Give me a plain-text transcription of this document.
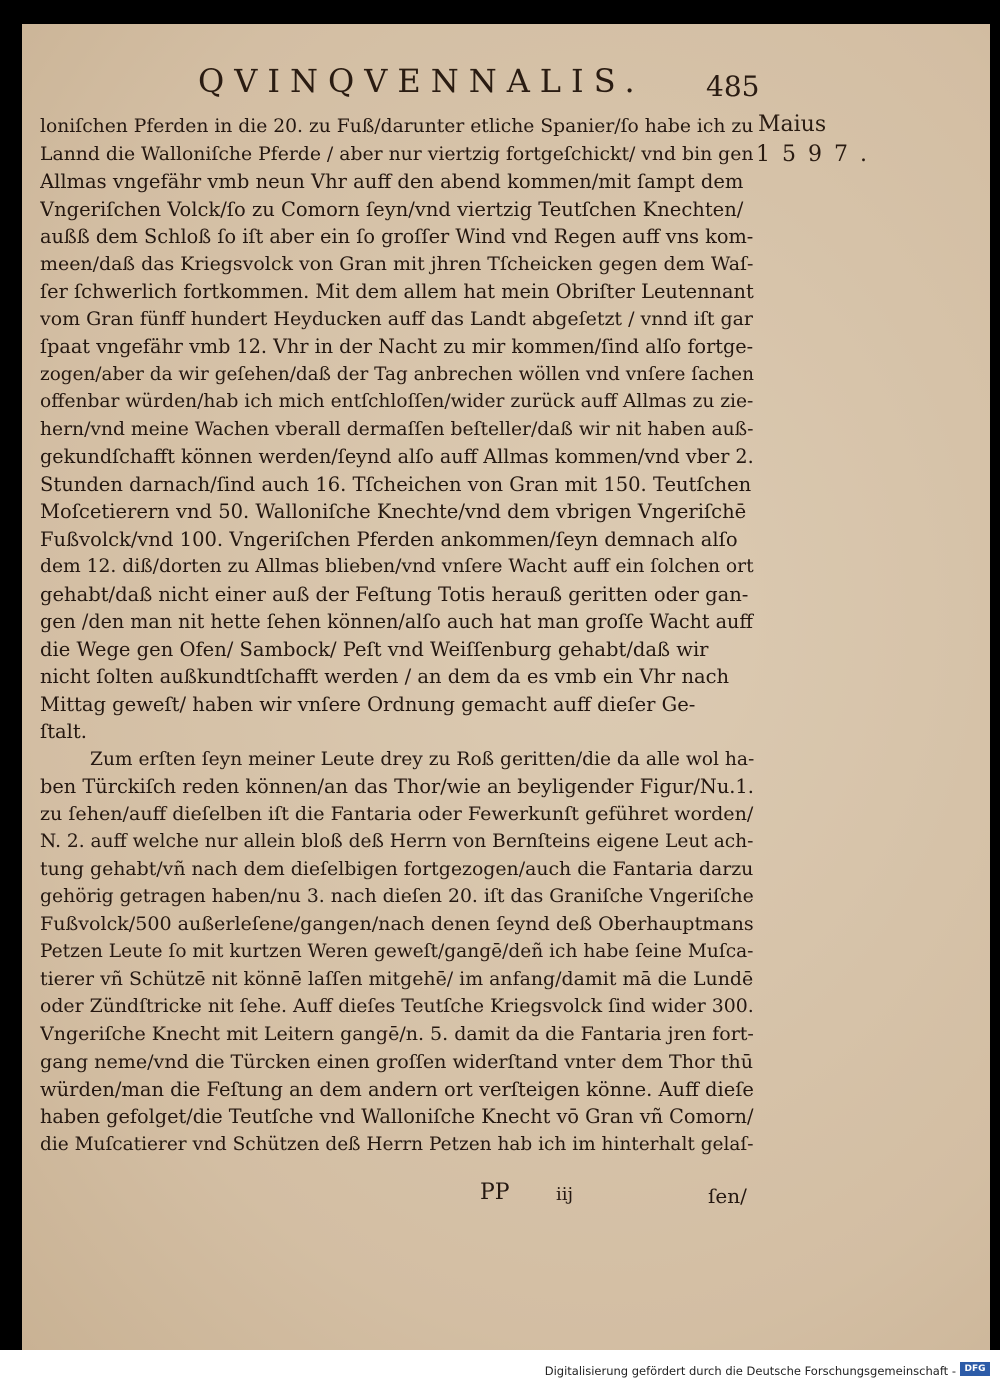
QVINQVENNALIS.	485
Maius
1597.
loniſchen Pferden in die 20. zu Fuß/darunter etliche Spanier/ſo habe ich zu
Lannd die Walloniſche Pferde / aber nur viertzig fortgeſchickt/ vnd bin gen
Allmas vngefähr vmb neun Vhr auff den abend kommen/mit ſampt dem
Vngeriſchen Volck/ſo zu Comorn ſeyn/vnd viertzig Teutſchen Knechten/
außß dem Schloß ſo iſt aber ein ſo groſſer Wind vnd Regen auff vns kom-
meen/daß das Kriegsvolck von Gran mit jhren Tſcheicken gegen dem Waſ-
ſer ſchwerlich fortkommen. Mit dem allem hat mein Obriſter Leutennant
vom Gran fünff hundert Heyducken auff das Landt abgeſetzt / vnnd iſt gar
ſpaat vngefähr vmb 12. Vhr in der Nacht zu mir kommen/ſind alſo fortge-
zogen/aber da wir geſehen/daß der Tag anbrechen wöllen vnd vnſere ſachen
offenbar würden/hab ich mich entſchloſſen/wider zurück auff Allmas zu zie-
hern/vnd meine Wachen vberall dermaſſen beſteller/daß wir nit haben auß-
gekundſchafft können werden/ſeynd alſo auff Allmas kommen/vnd vber 2.
Stunden darnach/ſind auch 16. Tſcheichen von Gran mit 150. Teutſchen
Moſcetierern vnd 50. Walloniſche Knechte/vnd dem vbrigen Vngeriſchē
Fußvolck/vnd 100. Vngeriſchen Pferden ankommen/ſeyn demnach alſo
dem 12. diß/dorten zu Allmas blieben/vnd vnſere Wacht auff ein ſolchen ort
gehabt/daß nicht einer auß der Feſtung Totis herauß geritten oder gan-
gen /den man nit hette ſehen können/alſo auch hat man groſſe Wacht auff
die Wege gen Ofen/ Sambock/ Peſt vnd Weiſſenburg gehabt/daß wir
nicht ſolten außkundtſchafft werden / an dem da es vmb ein Vhr nach
Mittag geweſt/ haben wir vnſere Ordnung gemacht auff dieſer Ge-
ſtalt.
Zum erſten ſeyn meiner Leute drey zu Roß geritten/die da alle wol ha-
ben Türckiſch reden können/an das Thor/wie an beyligender Figur/Nu.1.
zu ſehen/auff dieſelben iſt die Fantaria oder Fewerkunſt geführet worden/
N. 2. auff welche nur allein bloß deß Herrn von Bernſteins eigene Leut ach-
tung gehabt/vñ nach dem dieſelbigen fortgezogen/auch die Fantaria darzu
gehörig getragen haben/nu 3. nach dieſen 20. iſt das Graniſche Vngeriſche
Fußvolck/500 außerleſene/gangen/nach denen ſeynd deß Oberhauptmans
Petzen Leute ſo mit kurtzen Weren geweſt/gangē/deñ ich habe ſeine Muſca-
tierer vñ Schützē nit könnē laſſen mitgehē/ im anfang/damit mā die Lundē
oder Zündſtricke nit ſehe. Auff dieſes Teutſche Kriegsvolck ſind wider 300.
Vngeriſche Knecht mit Leitern gangē/n. 5. damit da die Fantaria jren fort-
gang neme/vnd die Türcken einen groſſen widerſtand vnter dem Thor thū
würden/man die Feſtung an dem andern ort verſteigen könne. Auff dieſe
haben gefolget/die Teutſche vnd Walloniſche Knecht vō Gran vñ Comorn/
die Muſcatierer vnd Schützen deß Herrn Petzen hab ich im hinterhalt gelaſ-
PP	iij	ſen/
Digitalisierung gefördert durch die Deutsche Forschungsgemeinschaft - DFG
